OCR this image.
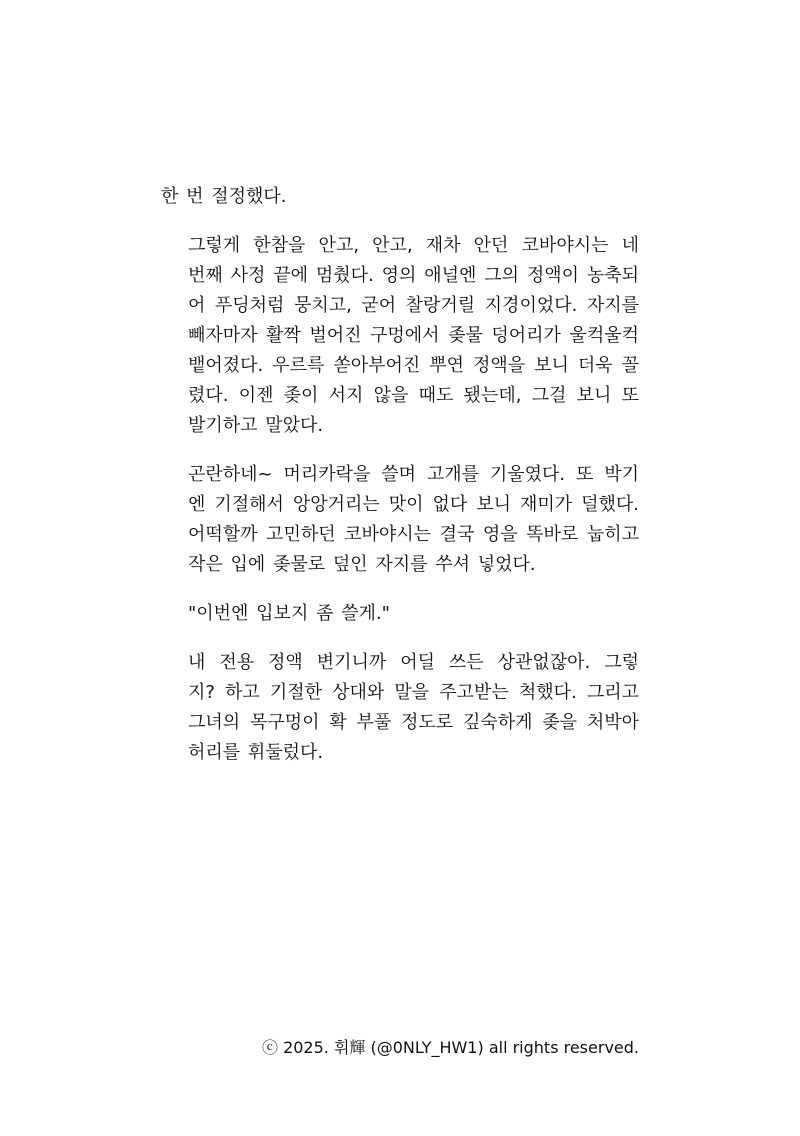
한 번 절정했다.

그렇게 한참을 안고, 안고, 재차 안던 코바야시는 네
번째 사정 끝에 멈췄다. 영의 애널엔 그의 정액이 농축되
어 푸딩처럼 뭉치고, 굳어 찰랑거릴 지경이었다. 자지를
빼자마자 활짝 벌어진 구멍에서 좆물 덩어리가 울컥울컥
뱉어졌다. 우르륵 쏟아부어진 뿌연 정액을 보니 더욱 꼴
렸다. 이젠 좆이 서지 않을 때도 됐는데, 그걸 보니 또
발기하고 말았다.

곤란하네~ 머리카락을 쓸며 고개를 기울였다. 또 박기
엔 기절해서 앙앙거리는 맛이 없다 보니 재미가 덜했다.
어떡할까 고민하던 코바야시는 결국 영을 똑바로 눕히고
작은 입에 좆물로 덮인 자지를 쑤셔 넣었다.

"이번엔 입보지 좀 쓸게."

내 전용 정액 변기니까 어딜 쓰든 상관없잖아. 그렇
지? 하고 기절한 상대와 말을 주고받는 척했다. 그리고
그녀의 목구멍이 확 부풀 정도로 깊숙하게 좆을 처박아
허리를 휘둘렀다.

ⓒ 2025. 휘輝 (@0NLY_HW1) all rights reserved.
